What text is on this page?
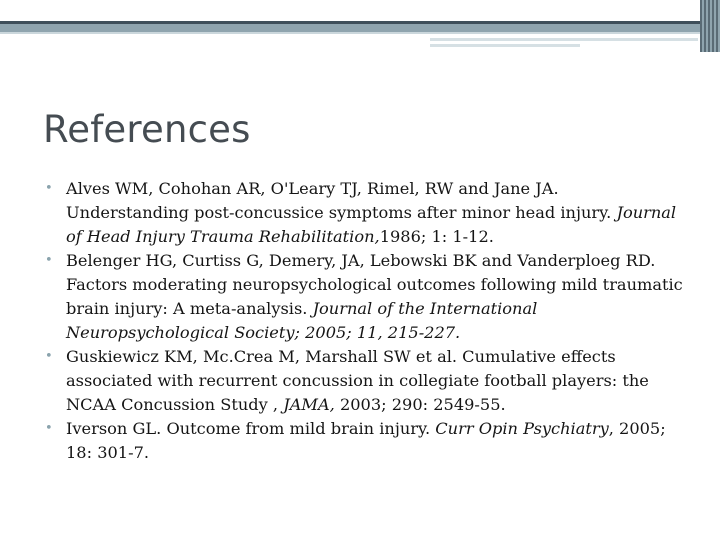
References
• Alves WM, Cohohan AR, O'Leary TJ, Rimel, RW and Jane JA. Understanding post-concussice symptoms after minor head injury. Journal of Head Injury Trauma Rehabilitation,1986; 1: 1-12.
• Belenger HG, Curtiss G, Demery, JA, Lebowski BK and Vanderploeg RD. Factors moderating neuropsychological outcomes following mild traumatic brain injury: A meta-analysis. Journal of the International Neuropsychological Society; 2005; 11, 215-227.
• Guskiewicz KM, Mc.Crea M, Marshall SW et al. Cumulative effects associated with recurrent concussion in collegiate football players: the NCAA Concussion Study , JAMA, 2003; 290: 2549-55.
• Iverson GL. Outcome from mild brain injury. Curr Opin Psychiatry, 2005; 18: 301-7.
